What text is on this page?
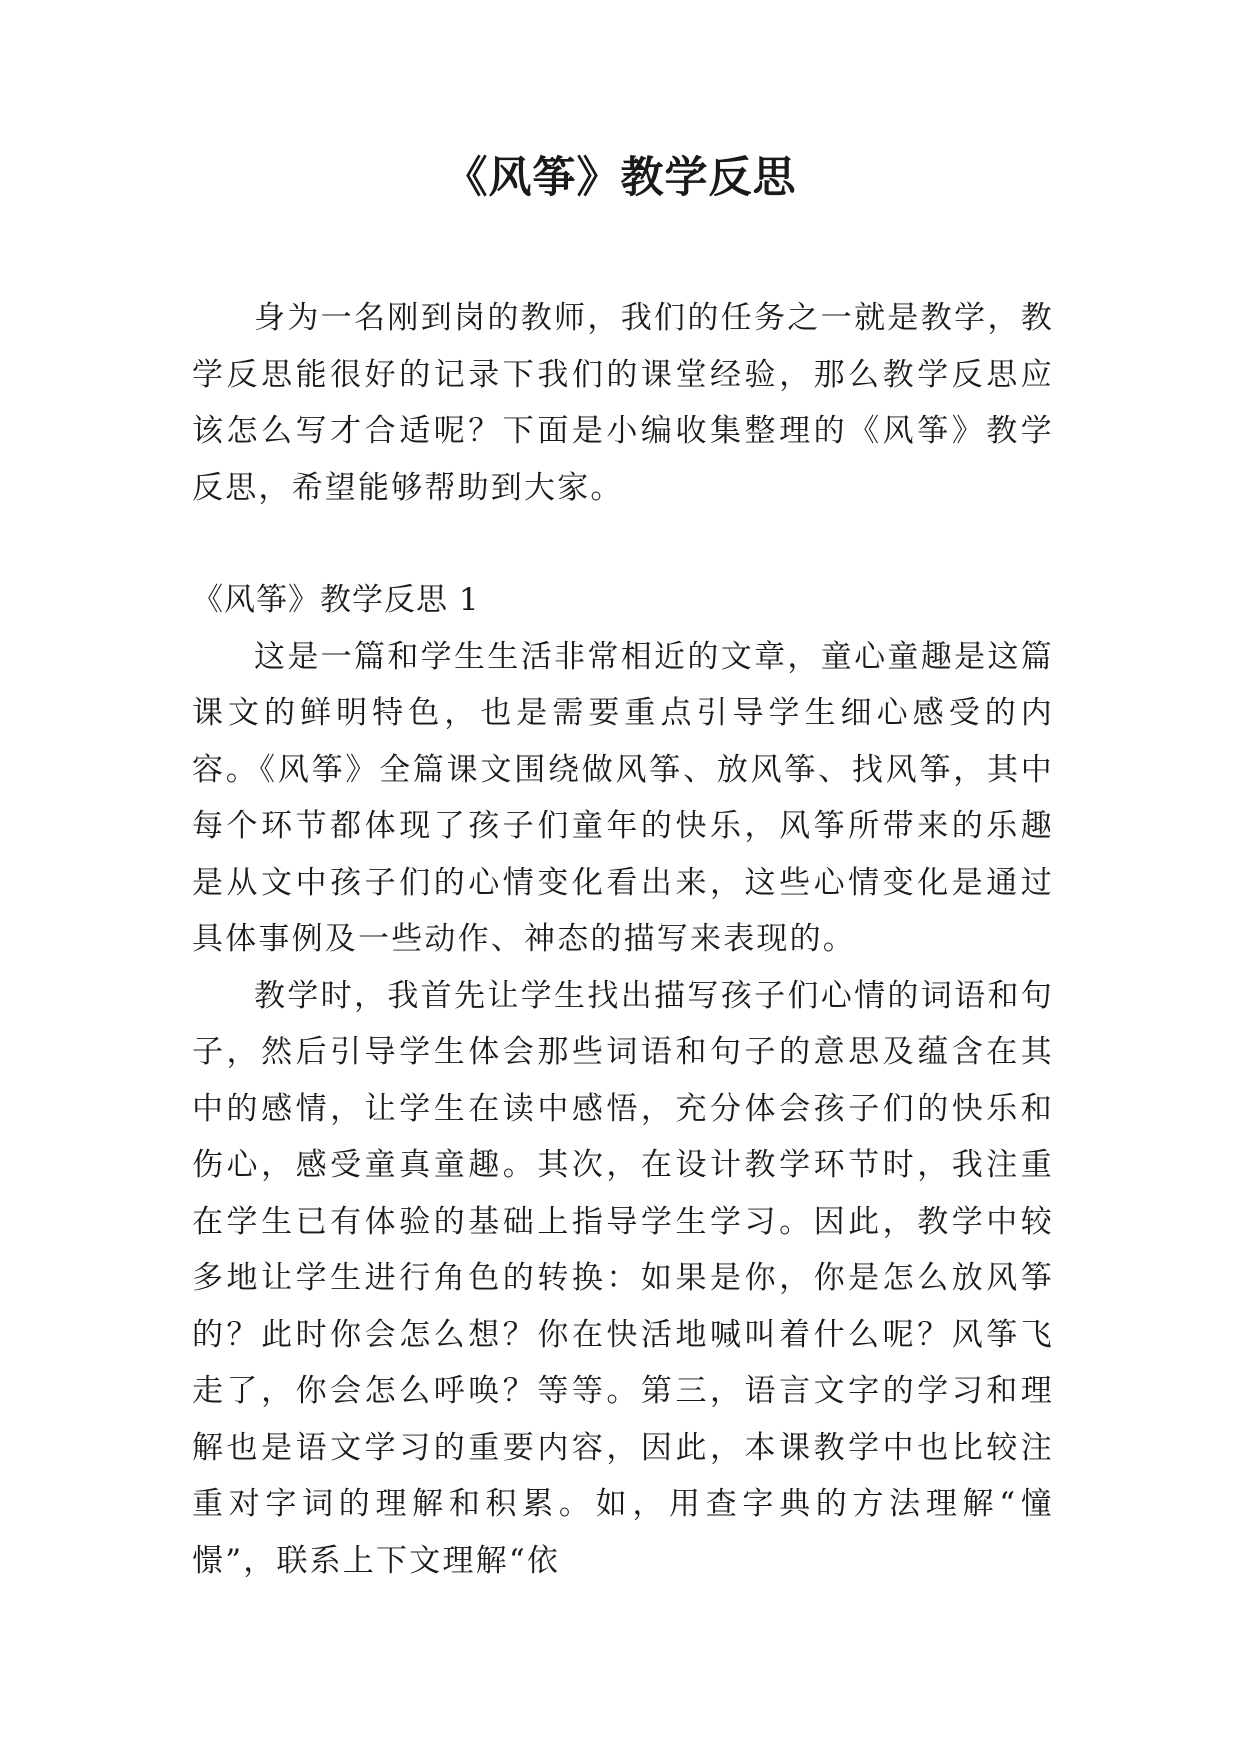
《风筝》教学反思

身为一名刚到岗的教师，我们的任务之一就是教学，教学反思能很好的记录下我们的课堂经验，那么教学反思应该怎么写才合适呢？下面是小编收集整理的《风筝》教学反思，希望能够帮助到大家。

《风筝》教学反思 1

这是一篇和学生生活非常相近的文章，童心童趣是这篇课文的鲜明特色，也是需要重点引导学生细心感受的内容。《风筝》全篇课文围绕做风筝、放风筝、找风筝，其中每个环节都体现了孩子们童年的快乐，风筝所带来的乐趣是从文中孩子们的心情变化看出来，这些心情变化是通过具体事例及一些动作、神态的描写来表现的。

教学时，我首先让学生找出描写孩子们心情的词语和句子，然后引导学生体会那些词语和句子的意思及蕴含在其中的感情，让学生在读中感悟，充分体会孩子们的快乐和伤心，感受童真童趣。其次，在设计教学环节时，我注重在学生已有体验的基础上指导学生学习。因此，教学中较多地让学生进行角色的转换：如果是你，你是怎么放风筝的？此时你会怎么想？你在快活地喊叫着什么呢？风筝飞走了，你会怎么呼唤？等等。第三，语言文字的学习和理解也是语文学习的重要内容，因此，本课教学中也比较注重对字词的理解和积累。如，用查字典的方法理解“憧憬”，联系上下文理解“依
